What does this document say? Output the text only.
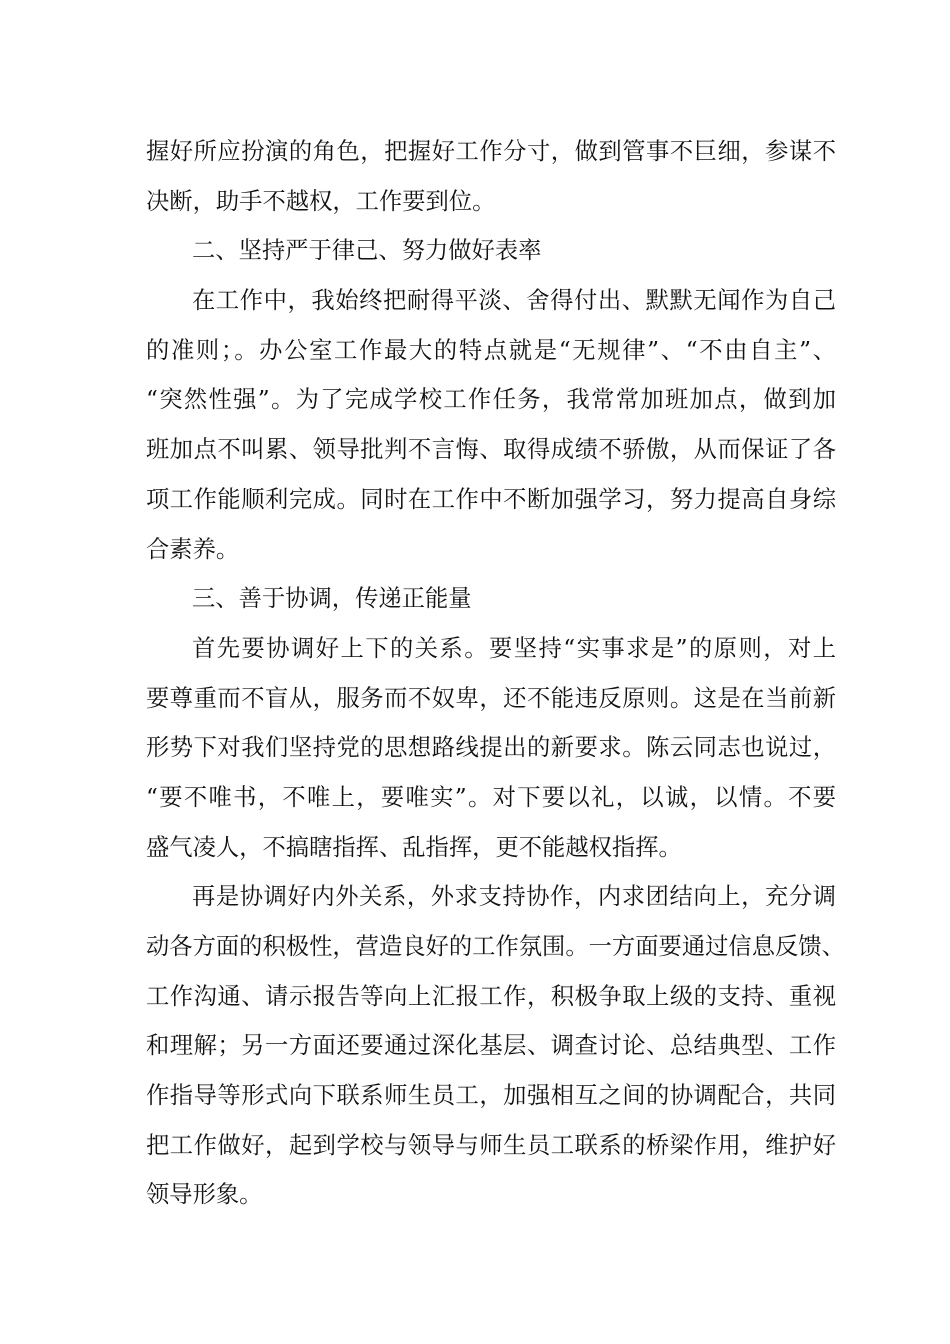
握好所应扮演的角色，把握好工作分寸，做到管事不巨细，参谋不
决断，助手不越权，工作要到位。
二、坚持严于律己、努力做好表率
在工作中，我始终把耐得平淡、舍得付出、默默无闻作为自己
的准则；。办公室工作最大的特点就是“无规律”、“不由自主”、
“突然性强”。为了完成学校工作任务，我常常加班加点，做到加
班加点不叫累、领导批判不言悔、取得成绩不骄傲，从而保证了各
项工作能顺利完成。同时在工作中不断加强学习，努力提高自身综
合素养。
三、善于协调，传递正能量
首先要协调好上下的关系。要坚持“实事求是”的原则，对上
要尊重而不盲从，服务而不奴卑，还不能违反原则。这是在当前新
形势下对我们坚持党的思想路线提出的新要求。陈云同志也说过，
“要不唯书，不唯上，要唯实”。对下要以礼，以诚，以情。不要
盛气凌人，不搞瞎指挥、乱指挥，更不能越权指挥。
再是协调好内外关系，外求支持协作，内求团结向上，充分调
动各方面的积极性，营造良好的工作氛围。一方面要通过信息反馈、
工作沟通、请示报告等向上汇报工作，积极争取上级的支持、重视
和理解；另一方面还要通过深化基层、调查讨论、总结典型、工作
作指导等形式向下联系师生员工，加强相互之间的协调配合，共同
把工作做好，起到学校与领导与师生员工联系的桥梁作用，维护好
领导形象。
